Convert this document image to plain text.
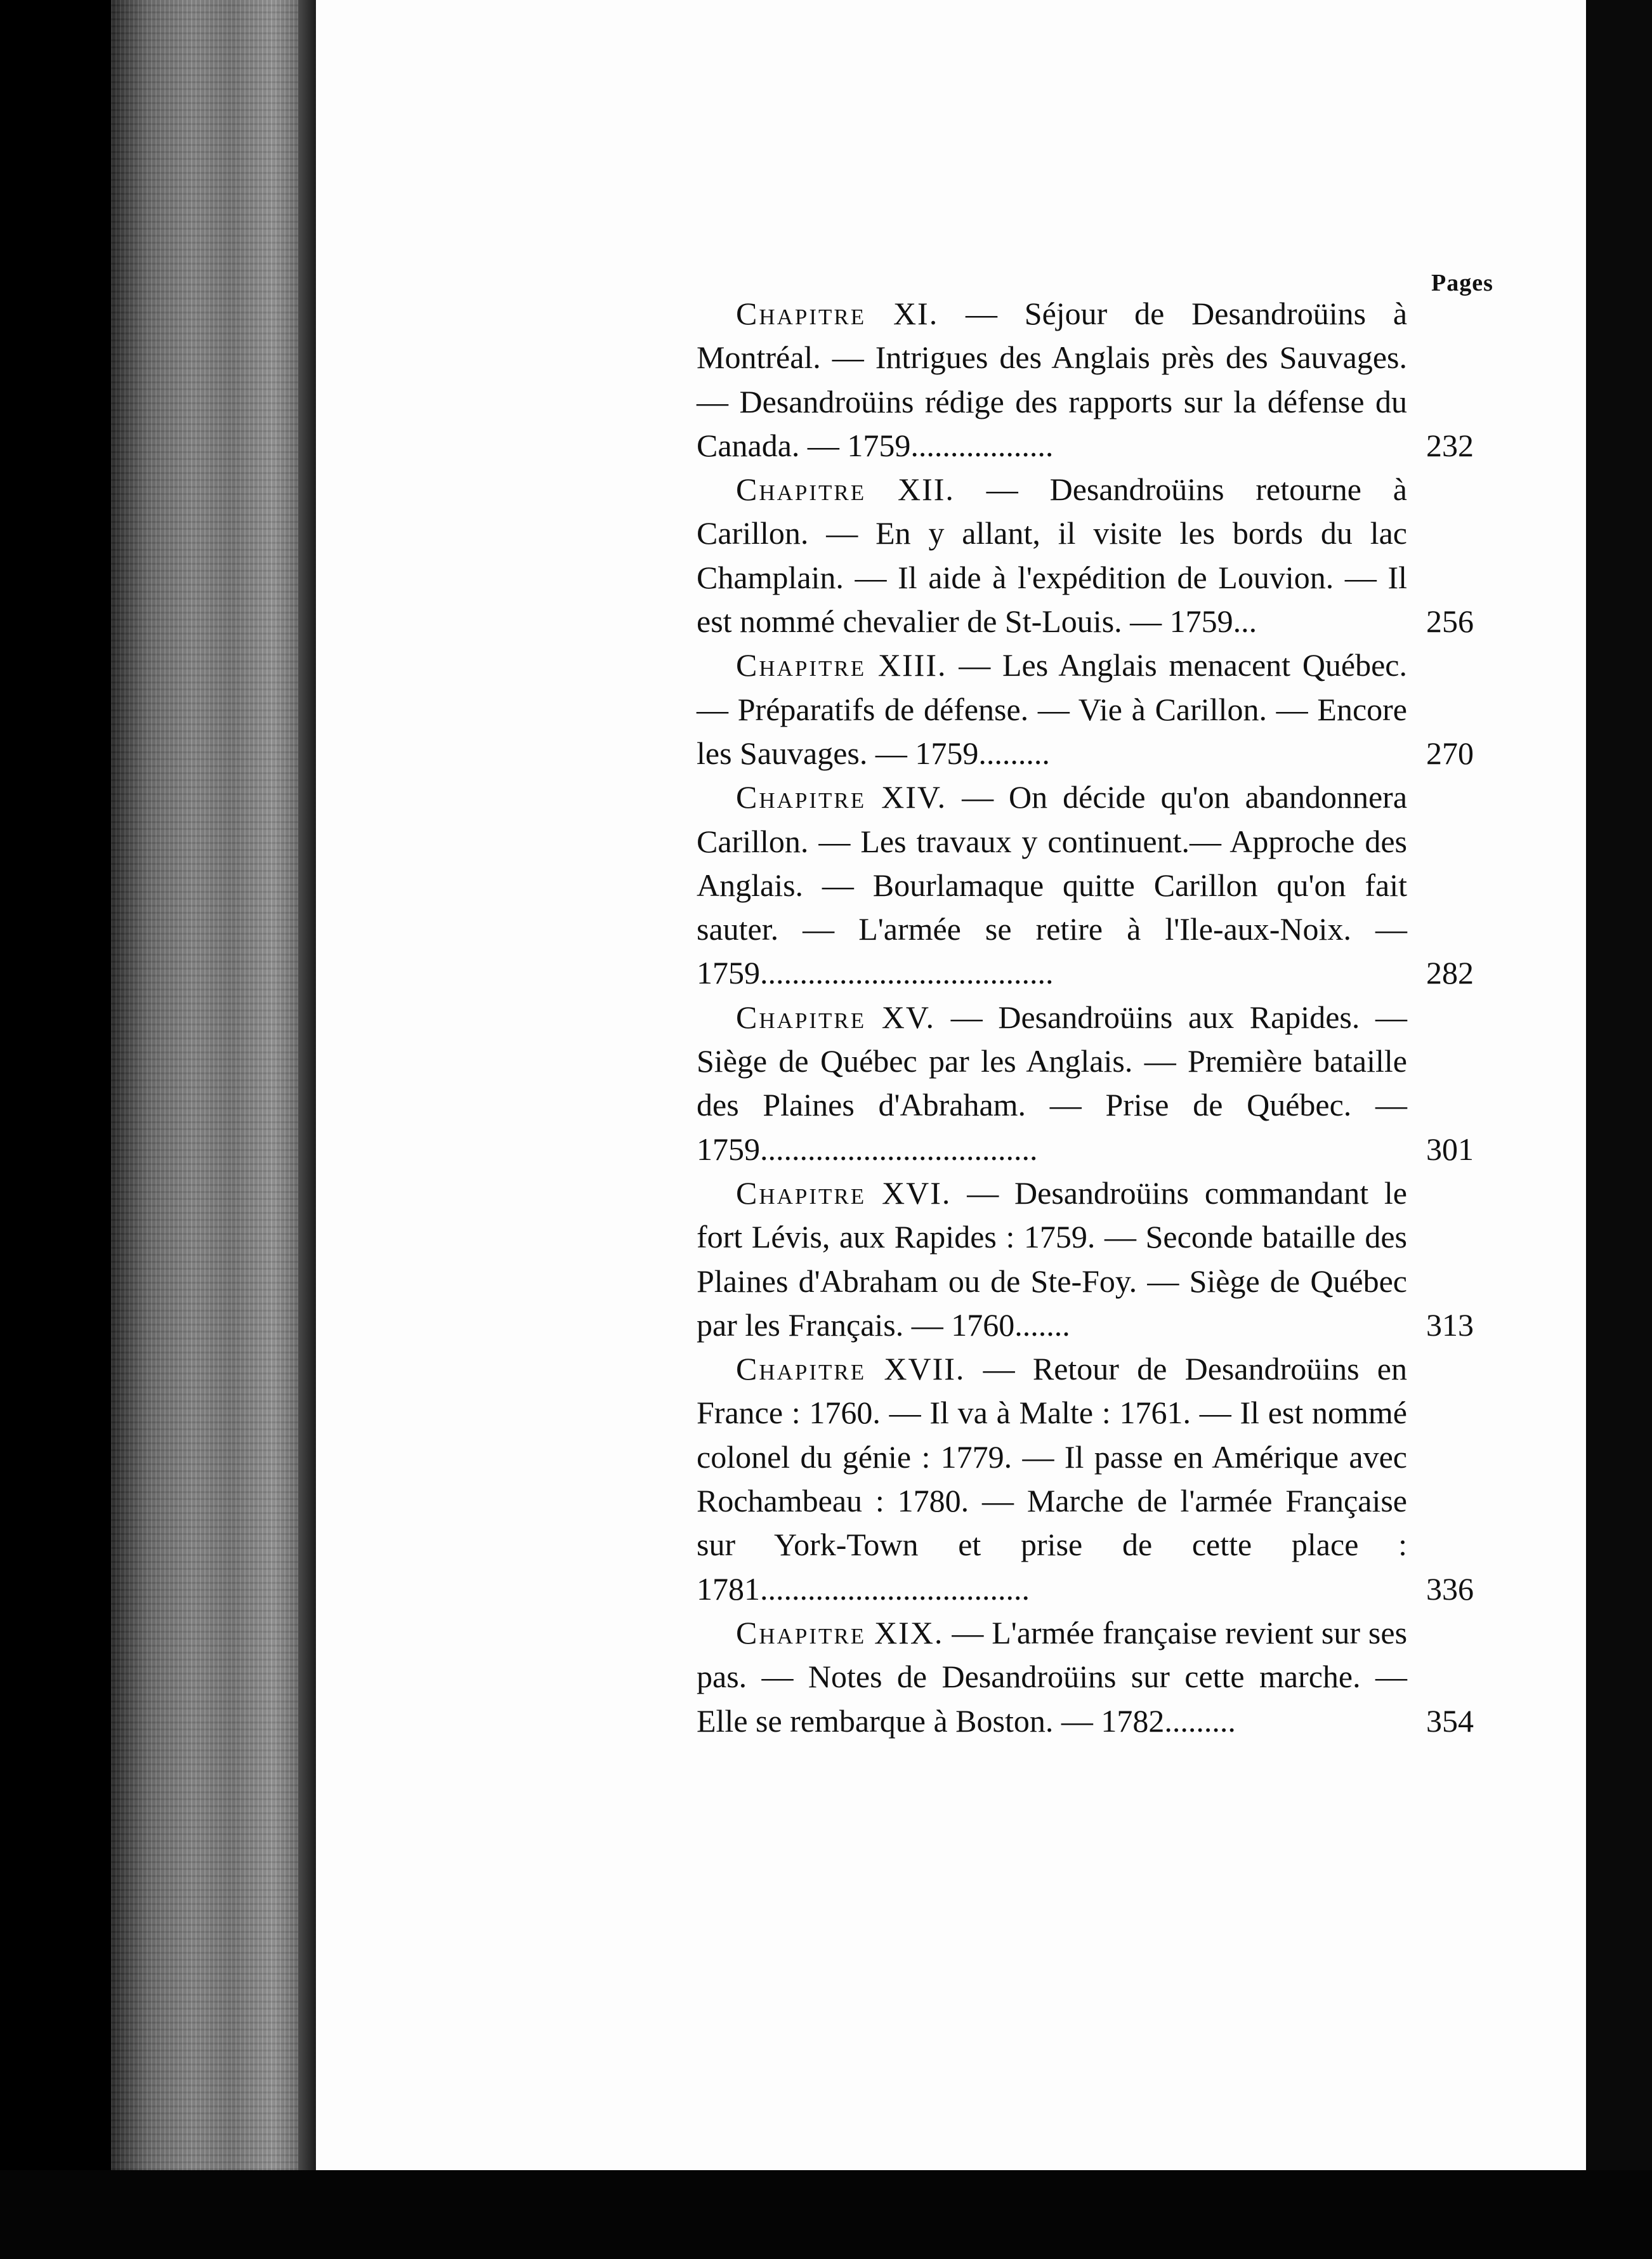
Pages

Chapitre XI. — Séjour de Desandroüins à Montréal. — Intrigues des Anglais près des Sauvages. — Desandroüins rédige des rapports sur la défense du Canada. — 1759..................	232

Chapitre XII. — Desandroüins retourne à Carillon. — En y allant, il visite les bords du lac Champlain. — Il aide à l'expédition de Louvion. — Il est nommé chevalier de St-Louis. — 1759...	256

Chapitre XIII. — Les Anglais menacent Québec. — Préparatifs de défense. — Vie à Carillon. — Encore les Sauvages. — 1759.........	270

Chapitre XIV. — On décide qu'on abandonnera Carillon. — Les travaux y continuent.— Approche des Anglais. — Bourlamaque quitte Carillon qu'on fait sauter. — L'armée se retire à l'Ile-aux-Noix. — 1759.....................................	282

Chapitre XV. — Desandroüins aux Rapides. — Siège de Québec par les Anglais. — Première bataille des Plaines d'Abraham. — Prise de Québec. — 1759...................................	301

Chapitre XVI. — Desandroüins commandant le fort Lévis, aux Rapides : 1759. — Seconde bataille des Plaines d'Abraham ou de Ste-Foy. — Siège de Québec par les Français. — 1760.......	313

Chapitre XVII. — Retour de Desandroüins en France : 1760. — Il va à Malte : 1761. — Il est nommé colonel du génie : 1779. — Il passe en Amérique avec Rochambeau : 1780. — Marche de l'armée Française sur York-Town et prise de cette place : 1781..................................	336

Chapitre XIX. — L'armée française revient sur ses pas. — Notes de Desandroüins sur cette marche. — Elle se rembarque à Boston. — 1782.........	354
